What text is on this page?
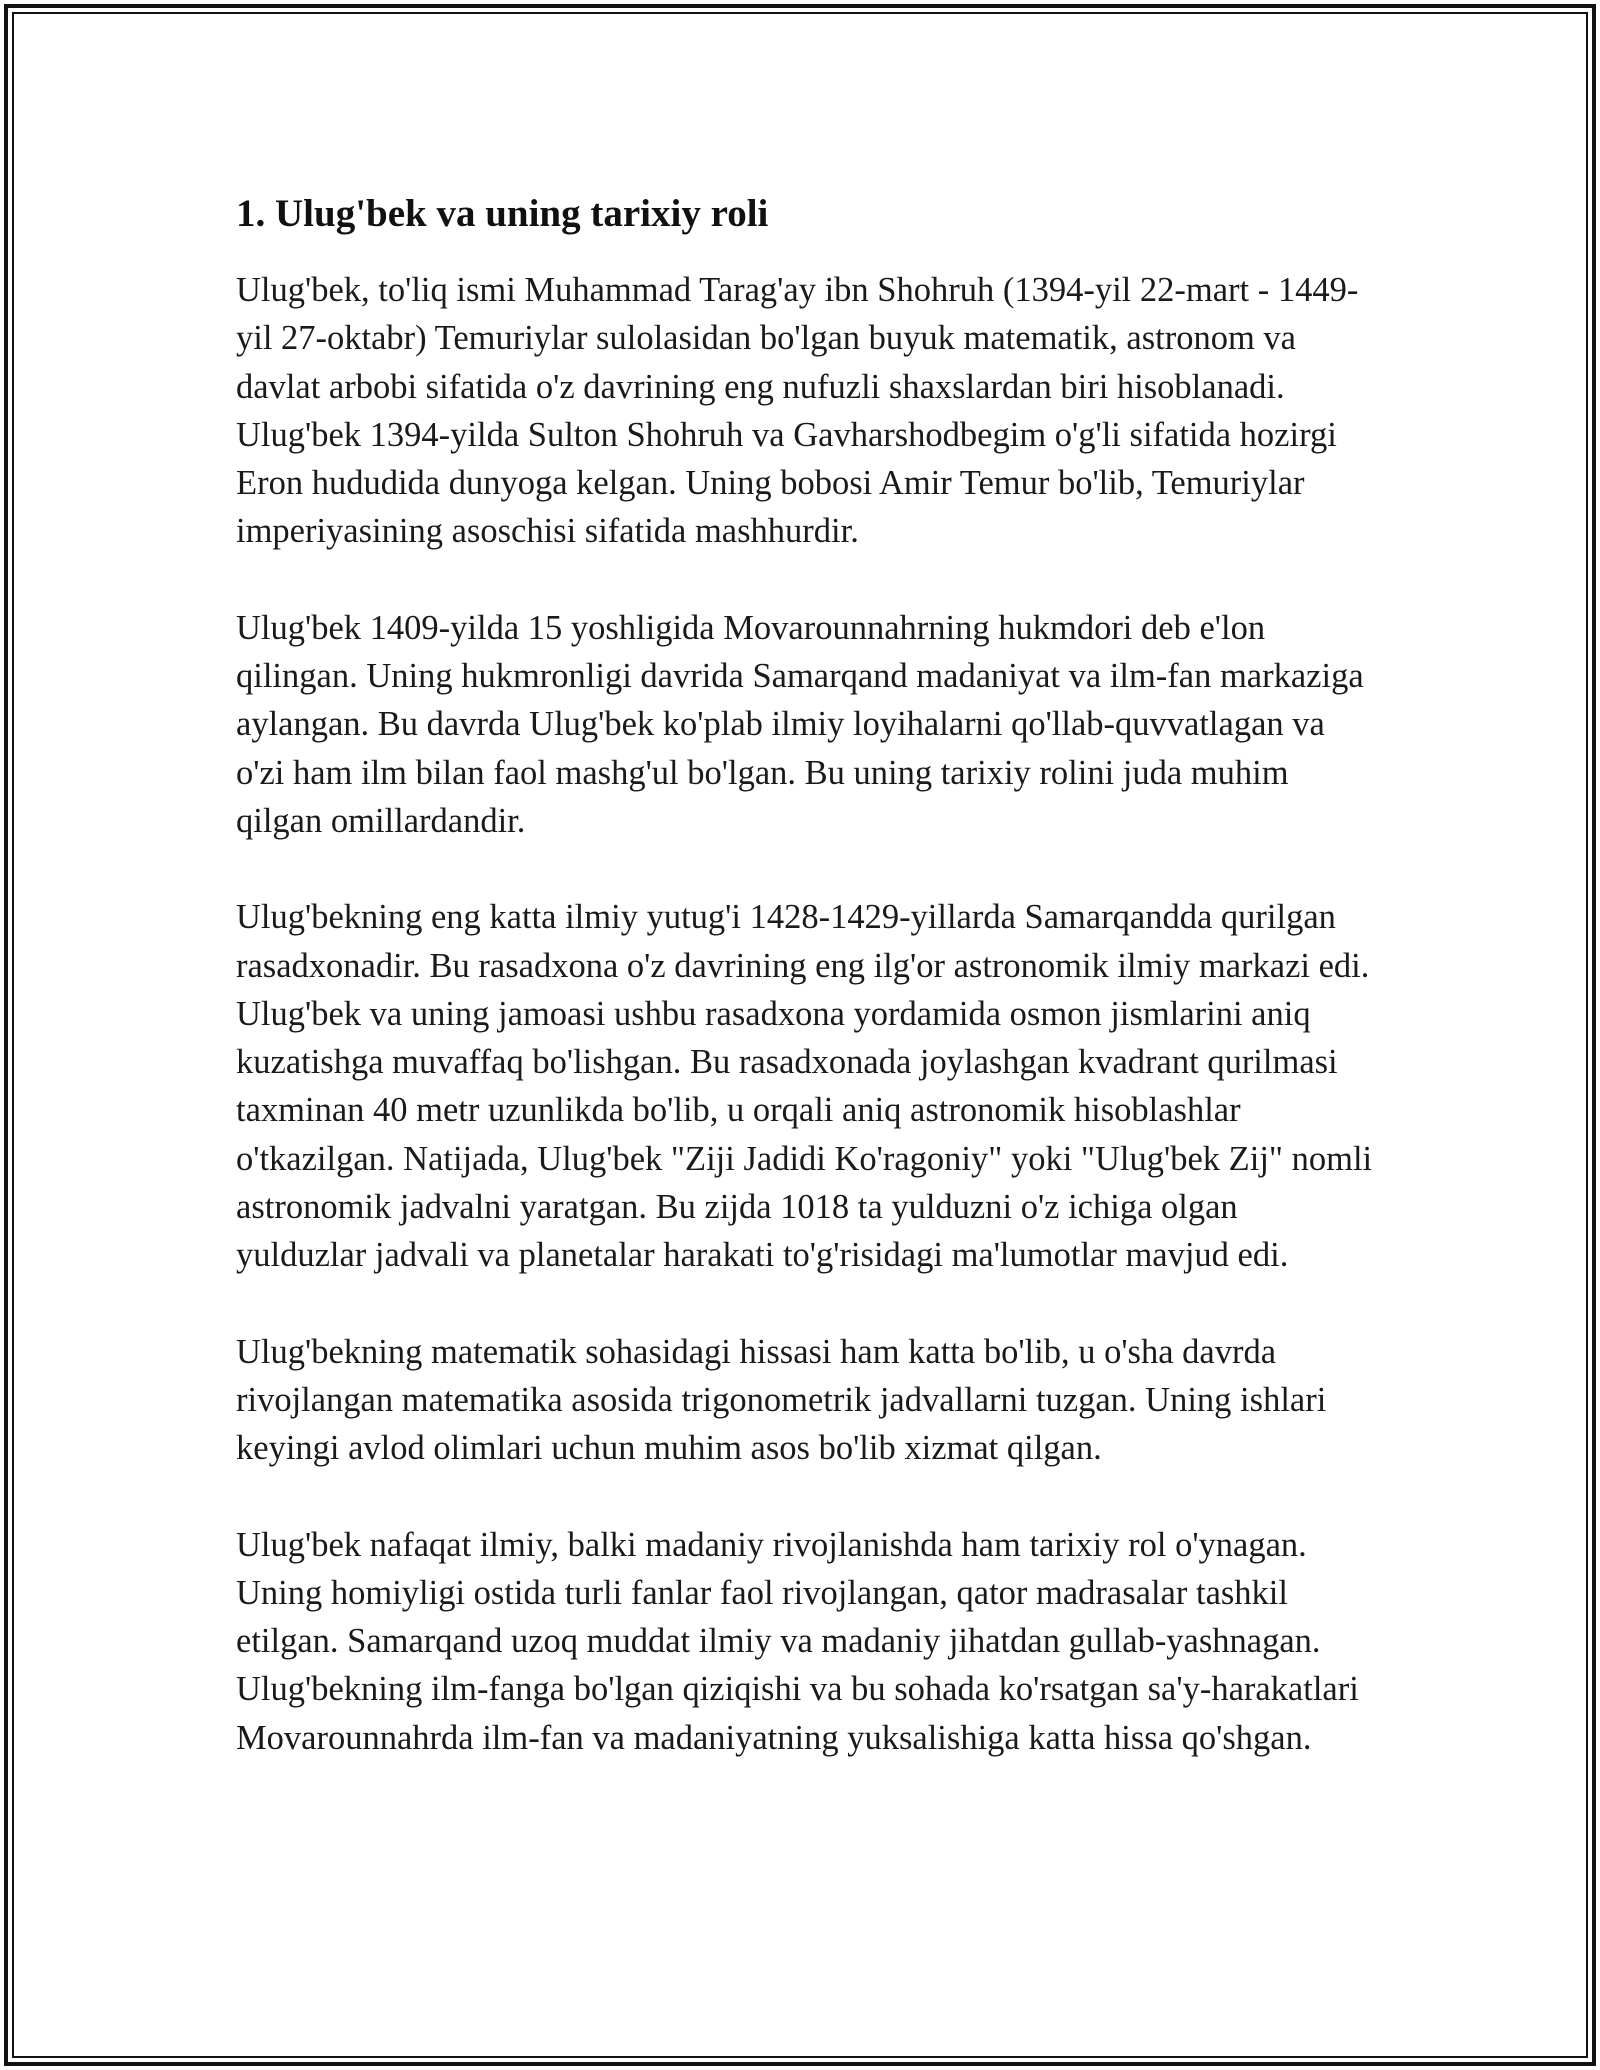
1. Ulug'bek va uning tarixiy roli

Ulug'bek, to'liq ismi Muhammad Tarag'ay ibn Shohruh (1394-yil 22-mart - 1449-yil 27-oktabr) Temuriylar sulolasidan bo'lgan buyuk matematik, astronom va davlat arbobi sifatida o'z davrining eng nufuzli shaxslardan biri hisoblanadi. Ulug'bek 1394-yilda Sulton Shohruh va Gavharshodbegim o'g'li sifatida hozirgi Eron hududida dunyoga kelgan. Uning bobosi Amir Temur bo'lib, Temuriylar imperiyasining asoschisi sifatida mashhurdir.

Ulug'bek 1409-yilda 15 yoshligida Movarounnahrning hukmdori deb e'lon qilingan. Uning hukmronligi davrida Samarqand madaniyat va ilm-fan markaziga aylangan. Bu davrda Ulug'bek ko'plab ilmiy loyihalarni qo'llab-quvvatlagan va o'zi ham ilm bilan faol mashg'ul bo'lgan. Bu uning tarixiy rolini juda muhim qilgan omillardandir.

Ulug'bekning eng katta ilmiy yutug'i 1428-1429-yillarda Samarqandda qurilgan rasadxonadir. Bu rasadxona o'z davrining eng ilg'or astronomik ilmiy markazi edi. Ulug'bek va uning jamoasi ushbu rasadxona yordamida osmon jismlarini aniq kuzatishga muvaffaq bo'lishgan. Bu rasadxonada joylashgan kvadrant qurilmasi taxminan 40 metr uzunlikda bo'lib, u orqali aniq astronomik hisoblashlar o'tkazilgan. Natijada, Ulug'bek "Ziji Jadidi Ko'ragoniy" yoki "Ulug'bek Zij" nomli astronomik jadvalni yaratgan. Bu zijda 1018 ta yulduzni o'z ichiga olgan yulduzlar jadvali va planetalar harakati to'g'risidagi ma'lumotlar mavjud edi.

Ulug'bekning matematik sohasidagi hissasi ham katta bo'lib, u o'sha davrda rivojlangan matematika asosida trigonometrik jadvallarni tuzgan. Uning ishlari keyingi avlod olimlari uchun muhim asos bo'lib xizmat qilgan.

Ulug'bek nafaqat ilmiy, balki madaniy rivojlanishda ham tarixiy rol o'ynagan. Uning homiyligi ostida turli fanlar faol rivojlangan, qator madrasalar tashkil etilgan. Samarqand uzoq muddat ilmiy va madaniy jihatdan gullab-yashnagan. Ulug'bekning ilm-fanga bo'lgan qiziqishi va bu sohada ko'rsatgan sa'y-harakatlari Movarounnahrda ilm-fan va madaniyatning yuksalishiga katta hissa qo'shgan.
